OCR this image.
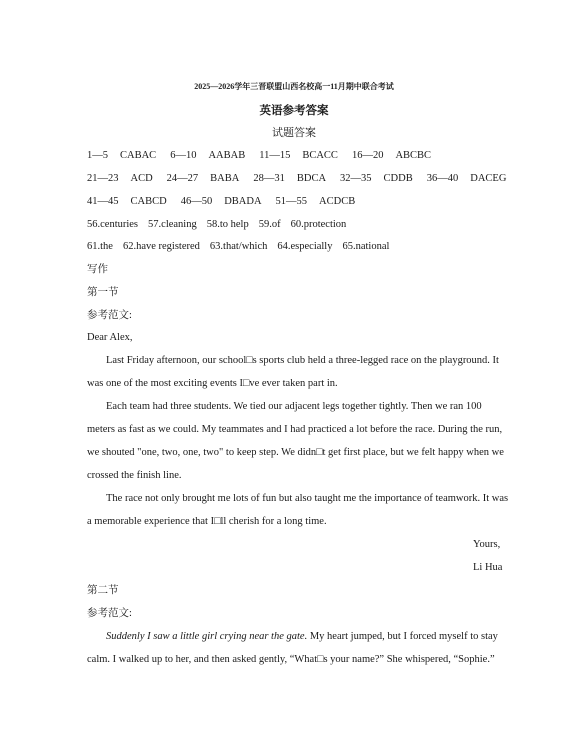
2025—2026学年三晋联盟山西名校高一11月期中联合考试
英语参考答案
试题答案
1—5 CABAC 6—10 AABAB 11—15 BCACC 16—20 ABCBC
21—23 ACD 24—27 BABA 28—31 BDCA 32—35 CDDB 36—40 DACEG
41—45 CABCD 46—50 DBADA 51—55 ACDCB
56.centuries 57.cleaning 58.to help 59.of 60.protection
61.the 62.have registered 63.that/which 64.especially 65.national
写作
第一节
参考范文:
Dear Alex,
Last Friday afternoon, our school□s sports club held a three-legged race on the playground. It
was one of the most exciting events I□ve ever taken part in.
Each team had three students. We tied our adjacent legs together tightly. Then we ran 100
meters as fast as we could. My teammates and I had practiced a lot before the race. During the run,
we shouted "one, two, one, two" to keep step. We didn□t get first place, but we felt happy when we
crossed the finish line.
The race not only brought me lots of fun but also taught me the importance of teamwork. It was
a memorable experience that I□ll cherish for a long time.
Yours,
Li Hua
第二节
参考范文:
Suddenly I saw a little girl crying near the gate. My heart jumped, but I forced myself to stay
calm. I walked up to her, and then asked gently, “What□s your name?” She whispered, “Sophie.”
